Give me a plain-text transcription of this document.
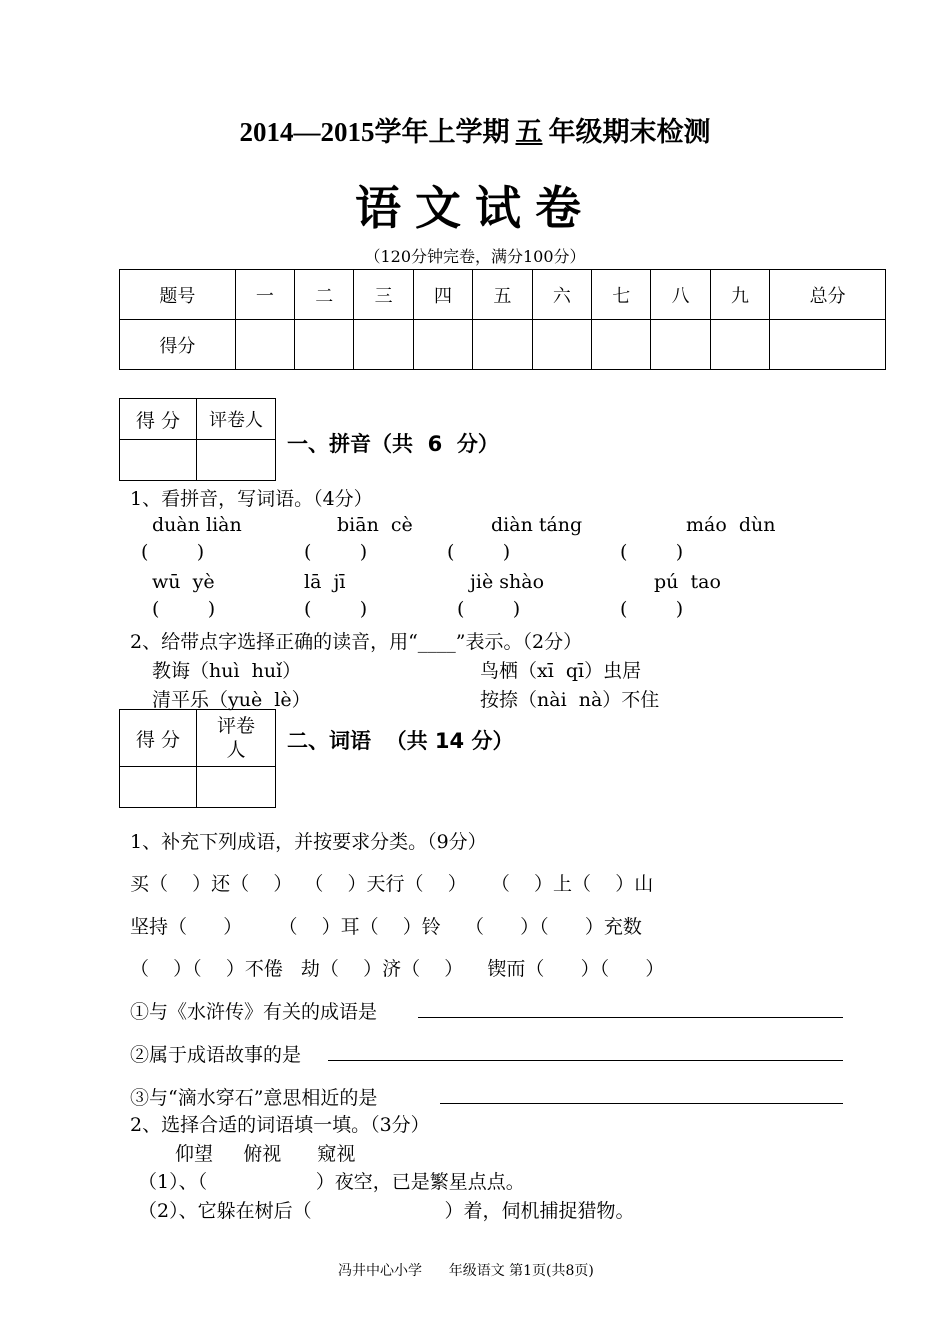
2014—2015学年上学期 五 年级期末检测
语文试卷
（120分钟完卷，满分100分）
题号	一	二	三	四	五	六	七	八	九	总分
得分										
得 分	评卷人

一、拼音（共  6  分）
1、看拼音，写词语。（4分）
duàn liàn	biān  cè	diàn táng	máo  dùn
(        )	(        )	(        )	(        )
wū  yè	lā  jī	jiè shào	pú  tao
(        )	(        )	(        )	(        )
2、给带点字选择正确的读音，用“____”表示。（2分）
教诲（huì  huǐ）	鸟栖（xī  qī）虫居
清平乐（yuè  lè）	按捺（nài  nà）不住
得 分	评卷
人
	二、词语  （共 14 分）
1、补充下列成语，并按要求分类。（9分）
买（    ）还（    ）  （    ）天行（    ）    （    ）上（    ）山
坚持（      ）      （    ）耳（    ）铃    （      ）（      ）充数
（    ）（    ）不倦   劫（    ）济（    ）    锲而（      ）（      ）
①与《水浒传》有关的成语是
②属于成语故事的是
③与“滴水穿石”意思相近的是
2、选择合适的词语填一填。（3分）
仰望     俯视      窥视
（1）、（                  ）夜空，已是繁星点点。
（2）、它躲在树后（                      ）着，伺机捕捉猎物。
冯井中心小学      年级语文 第1页(共8页)
